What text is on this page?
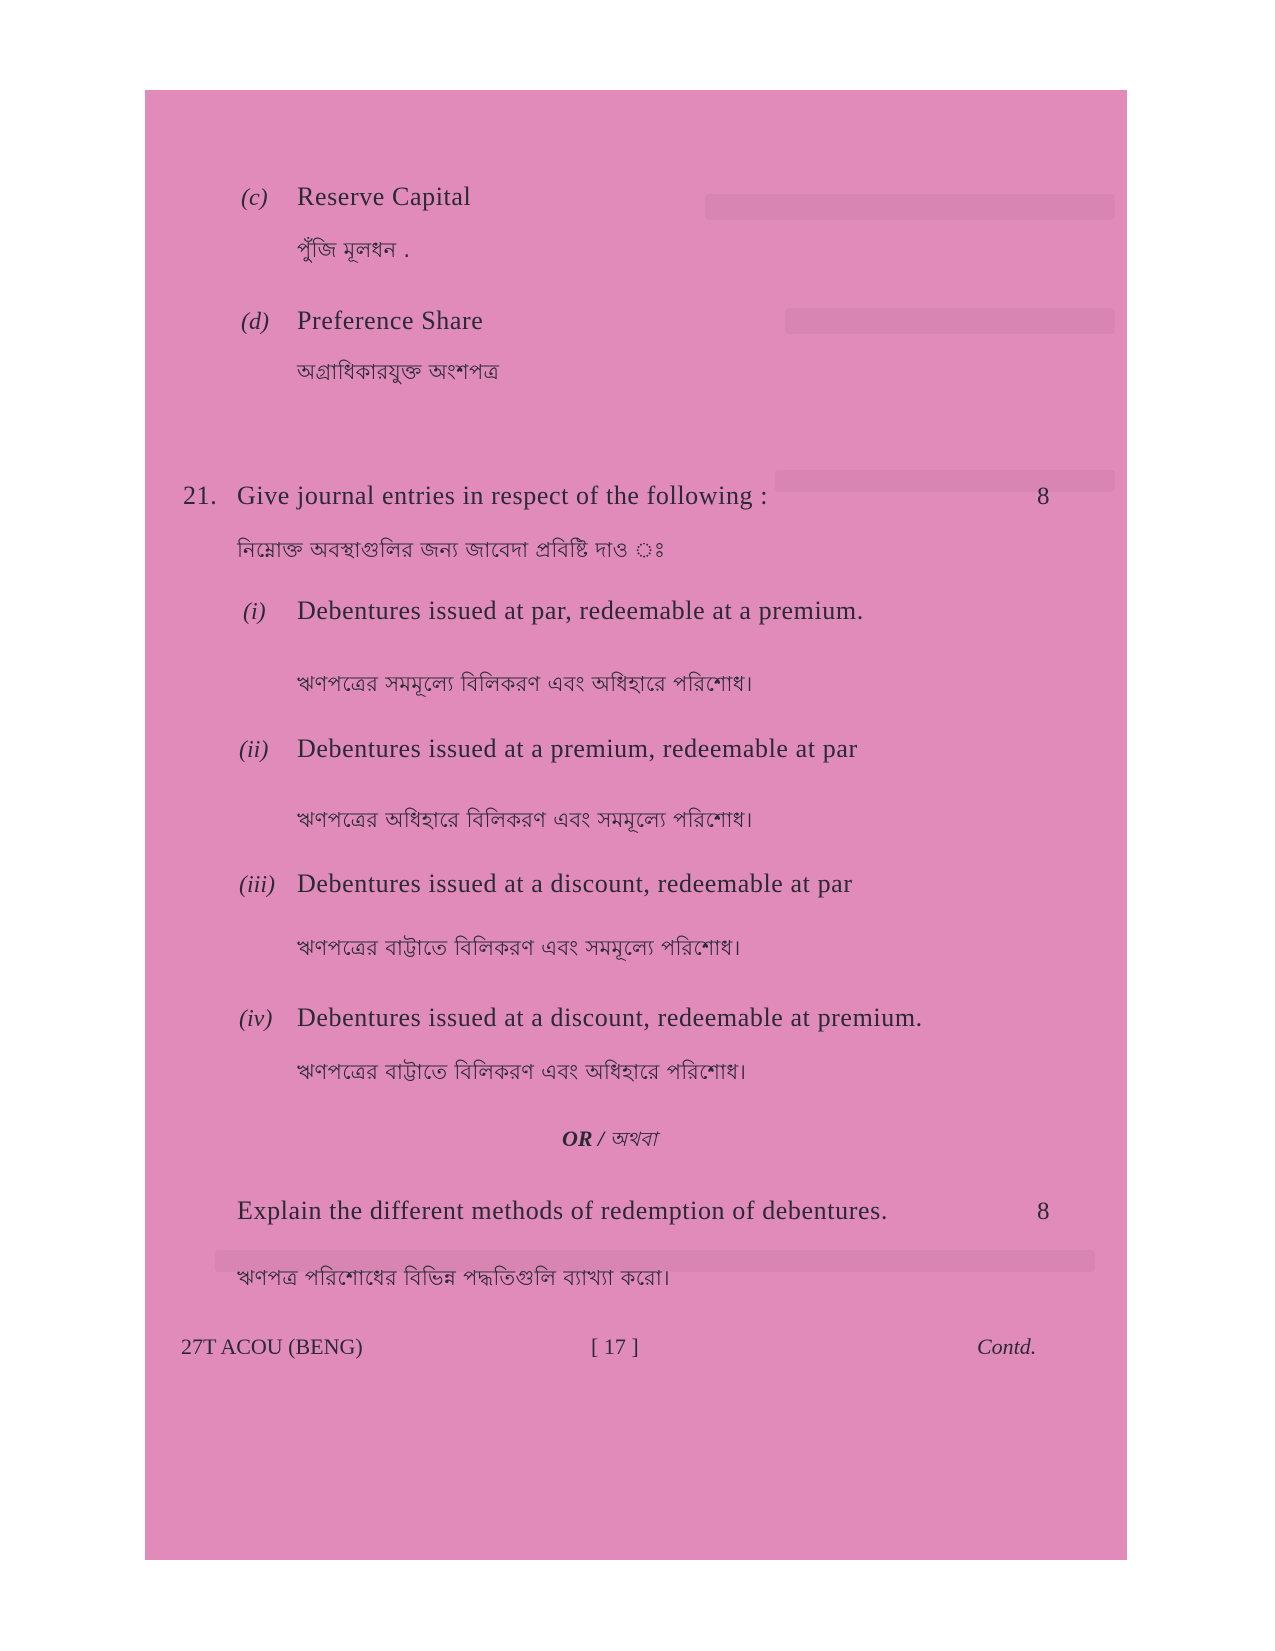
(c) Reserve Capital
পুঁজি মূলধন .
(d) Preference Share
অগ্রাধিকারযুক্ত অংশপত্র
21. Give journal entries in respect of the following :	8
নিম্নোক্ত অবস্থাগুলির জন্য জাবেদা প্রবিষ্টি দাও ঃ
(i) Debentures issued at par, redeemable at a premium.
ঋণপত্রের সমমূল্যে বিলিকরণ এবং অধিহারে পরিশোধ।
(ii) Debentures issued at a premium, redeemable at par
ঋণপত্রের অধিহারে বিলিকরণ এবং সমমূল্যে পরিশোধ।
(iii) Debentures issued at a discount, redeemable at par
ঋণপত্রের বাট্টাতে বিলিকরণ এবং সমমূল্যে পরিশোধ।
(iv) Debentures issued at a discount, redeemable at premium.
ঋণপত্রের বাট্টাতে বিলিকরণ এবং অধিহারে পরিশোধ।
OR / অথবা
Explain the different methods of redemption of debentures.	8
ঋণপত্র পরিশোধের বিভিন্ন পদ্ধতিগুলি ব্যাখ্যা করো।
27T ACOU (BENG)	[ 17 ]	Contd.
